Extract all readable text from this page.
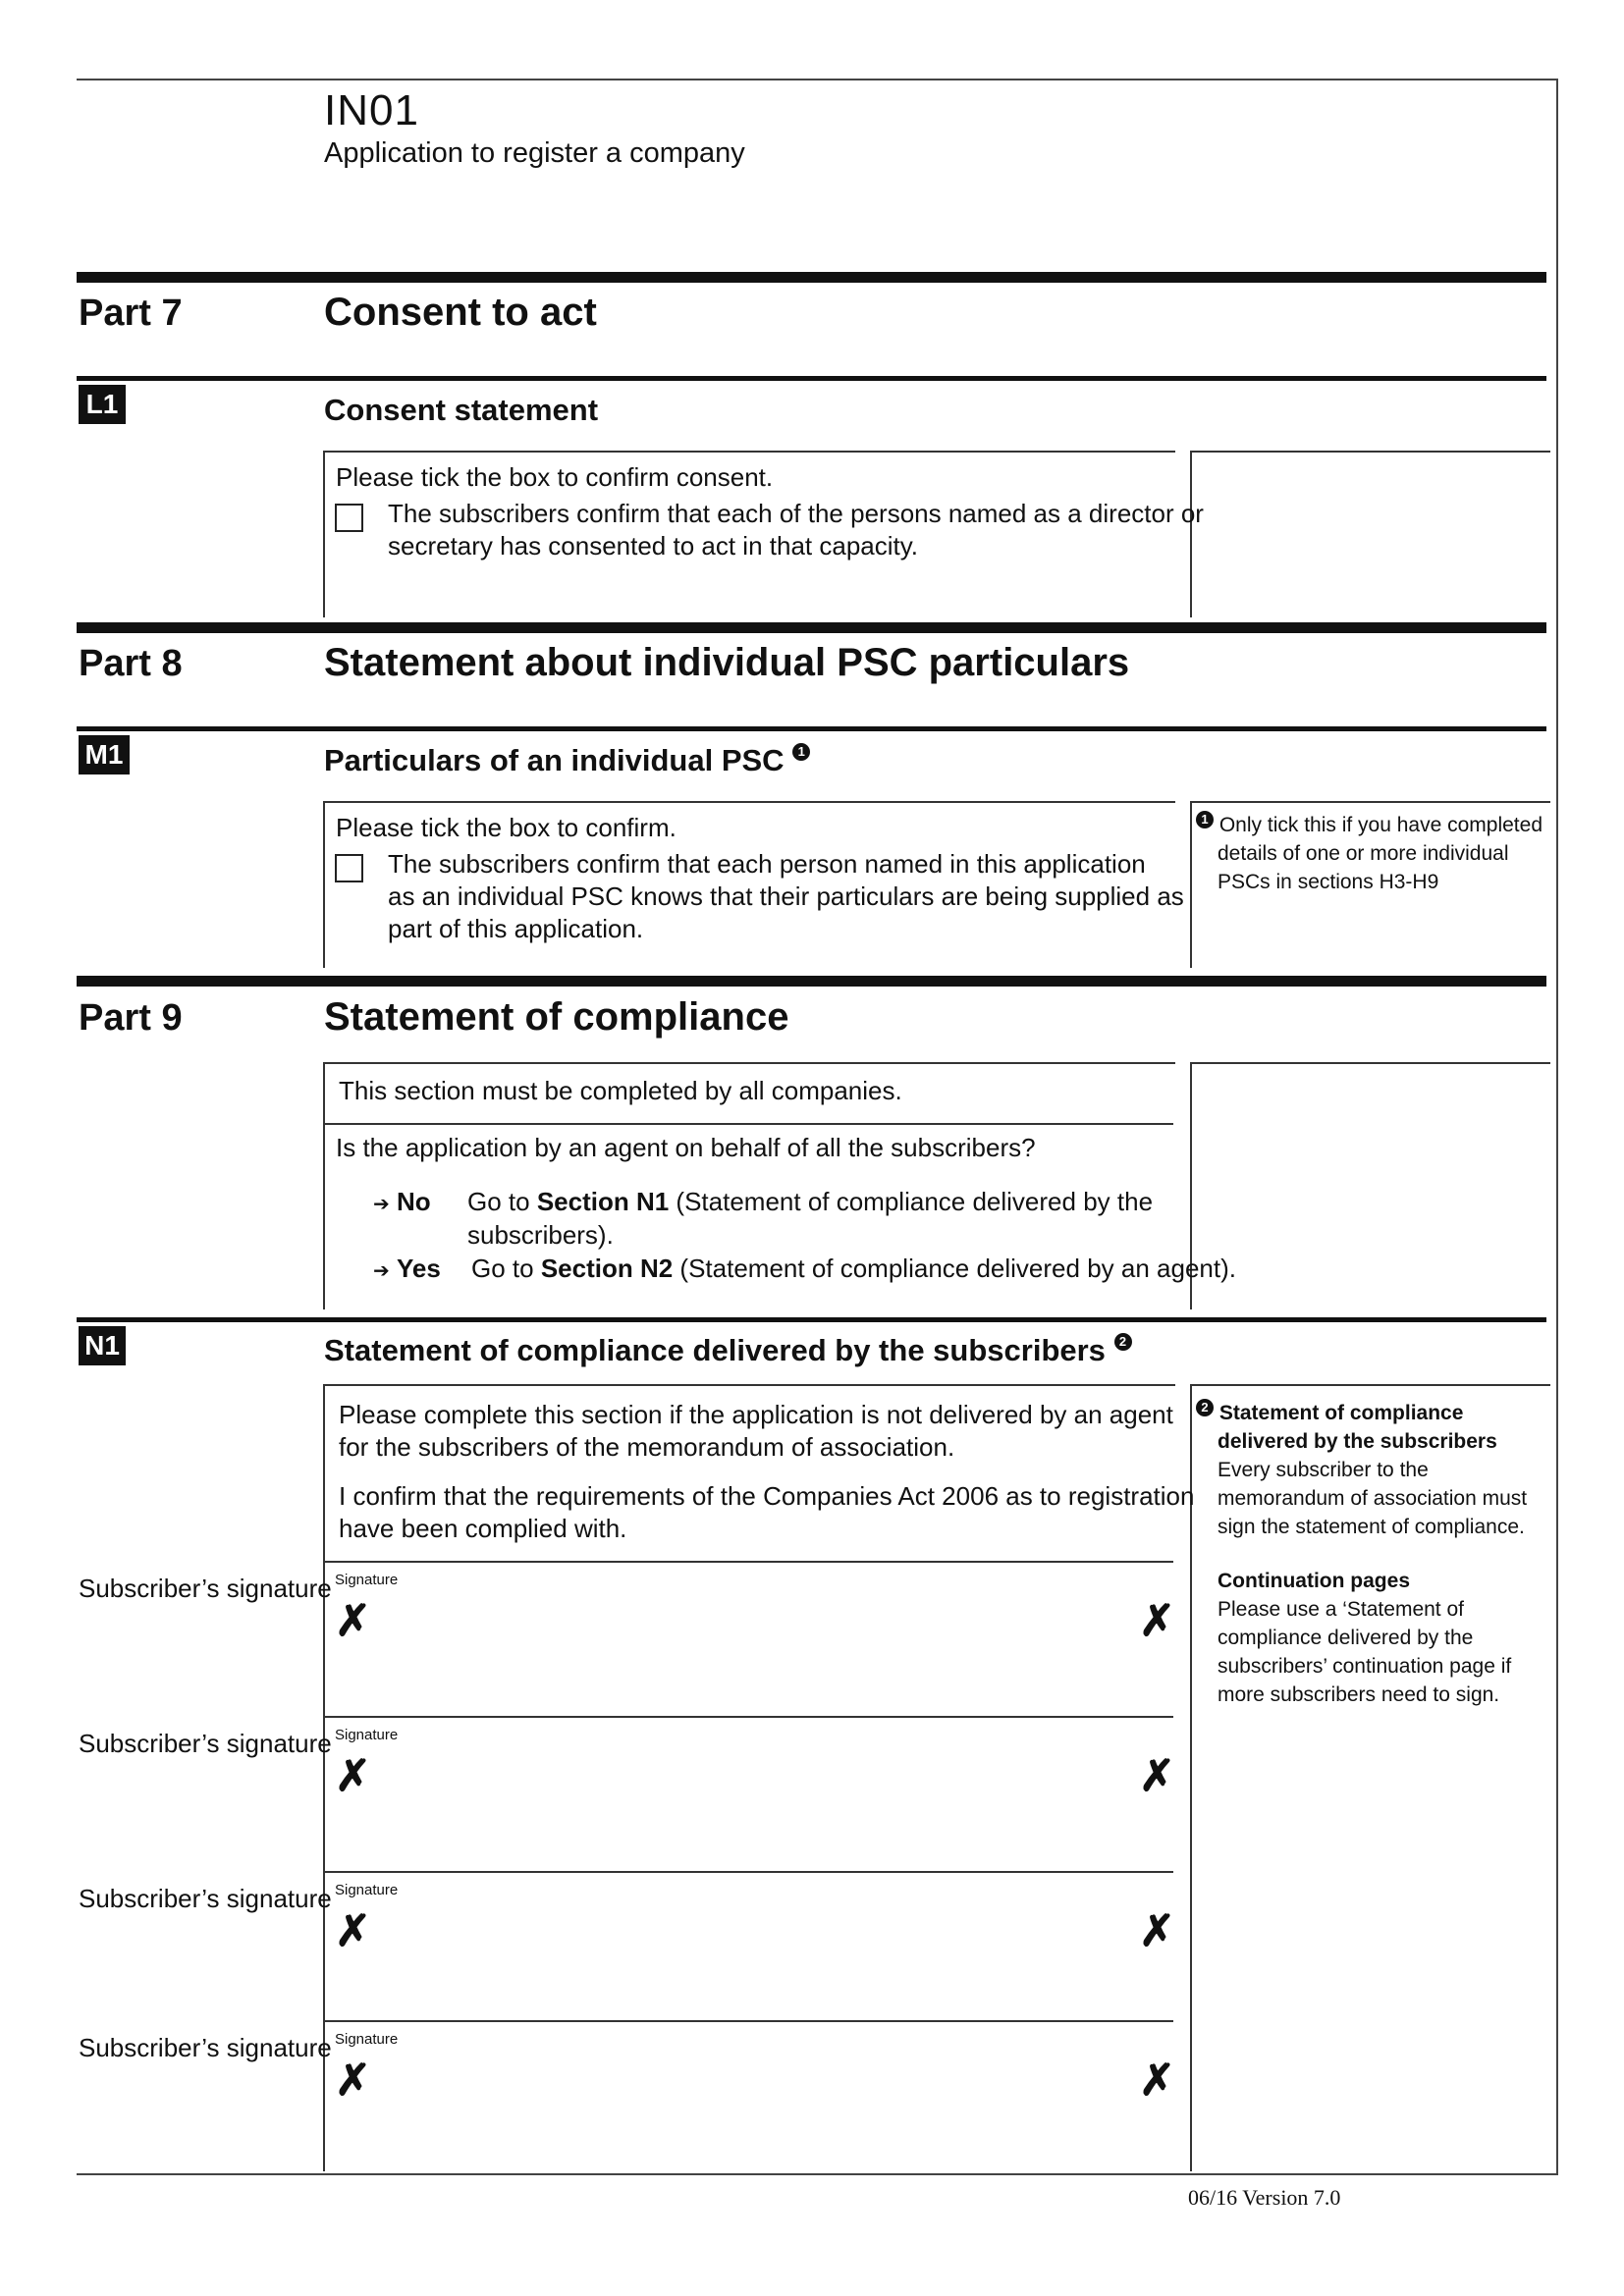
IN01
Application to register a company
Part 7	Consent to act
L1	Consent statement
Please tick the box to confirm consent.
The subscribers confirm that each of the persons named as a director or
secretary has consented to act in that capacity.
Part 8	Statement about individual PSC particulars
M1	Particulars of an individual PSC 1
Please tick the box to confirm.
The subscribers confirm that each person named in this application
as an individual PSC knows that their particulars are being supplied as
part of this application.
1 Only tick this if you have completed
details of one or more individual
PSCs in sections H3-H9
Part 9	Statement of compliance
This section must be completed by all companies.
Is the application by an agent on behalf of all the subscribers?
➔ No Go to Section N1 (Statement of compliance delivered by the
subscribers).
➔ Yes Go to Section N2 (Statement of compliance delivered by an agent).
N1	Statement of compliance delivered by the subscribers 2
Please complete this section if the application is not delivered by an agent
for the subscribers of the memorandum of association.
I confirm that the requirements of the Companies Act 2006 as to registration
have been complied with.
2 Statement of compliance
delivered by the subscribers
Every subscriber to the
memorandum of association must
sign the statement of compliance.
Continuation pages
Please use a ‘Statement of
compliance delivered by the
subscribers’ continuation page if
more subscribers need to sign.
Subscriber’s signature Signature
✗	✗
Subscriber’s signature Signature
✗	✗
Subscriber’s signature Signature
✗	✗
Subscriber’s signature Signature
✗	✗
06/16 Version 7.0
